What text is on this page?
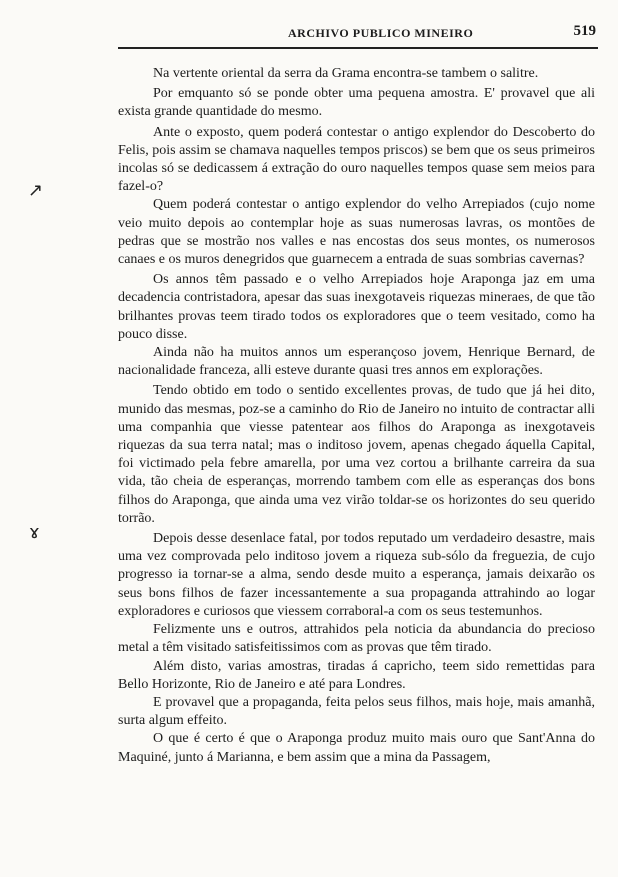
ARCHIVO PUBLICO MINEIRO	519
↗
ɤ

Na vertente oriental da serra da Grama encontra-se tambem o salitre.

Por emquanto só se ponde obter uma pequena amostra. E' provavel que ali exista grande quantidade do mesmo.

Ante o exposto, quem poderá contestar o antigo explendor do Descoberto do Felis, pois assim se chamava naquelles tempos priscos) se bem que os seus primeiros incolas só se dedicassem á extração do ouro naquelles tempos quase sem meios para fazel-o?

Quem poderá contestar o antigo explendor do velho Arrepiados (cujo nome veio muito depois ao contemplar hoje as suas numerosas lavras, os montões de pedras que se mostrão nos valles e nas encostas dos seus montes, os numerosos canaes e os muros denegridos que guarnecem a entrada de suas sombrias cavernas?

Os annos têm passado e o velho Arrepiados hoje Araponga jaz em uma decadencia contristadora, apesar das suas inexgotaveis riquezas mineraes, de que tão brilhantes provas teem tirado todos os exploradores que o teem vesitado, como ha pouco disse.

Ainda não ha muitos annos um esperançoso jovem, Henrique Bernard, de nacionalidade franceza, alli esteve durante quasi tres annos em explorações.

Tendo obtido em todo o sentido excellentes provas, de tudo que já hei dito, munido das mesmas, poz-se a caminho do Rio de Janeiro no intuito de contractar alli uma companhia que viesse patentear aos filhos do Araponga as inexgotaveis riquezas da sua terra natal; mas o inditoso jovem, apenas chegado áquella Capital, foi victimado pela febre amarella, por uma vez cortou a brilhante carreira da sua vida, tão cheia de esperanças, morrendo tambem com elle as esperanças dos bons filhos do Araponga, que ainda uma vez virão toldar-se os horizontes do seu querido torrão.

Depois desse desenlace fatal, por todos reputado um verdadeiro desastre, mais uma vez comprovada pelo inditoso jovem a riqueza sub-sólo da freguezia, de cujo progresso ia tornar-se a alma, sendo desde muito a esperança, jamais deixarão os seus bons filhos de fazer incessantemente a sua propaganda attrahindo ao logar exploradores e curiosos que viessem corraboral-a com os seus testemunhos.

Felizmente uns e outros, attrahidos pela noticia da abundancia do precioso metal a têm visitado satisfeitissimos com as provas que têm tirado.

Além disto, varias amostras, tiradas á capricho, teem sido remettidas para Bello Horizonte, Rio de Janeiro e até para Londres.

E provavel que a propaganda, feita pelos seus filhos, mais hoje, mais amanhã, surta algum effeito.

O que é certo é que o Araponga produz muito mais ouro que Sant'Anna do Maquiné, junto á Marianna, e bem assim que a mina da Passagem,
